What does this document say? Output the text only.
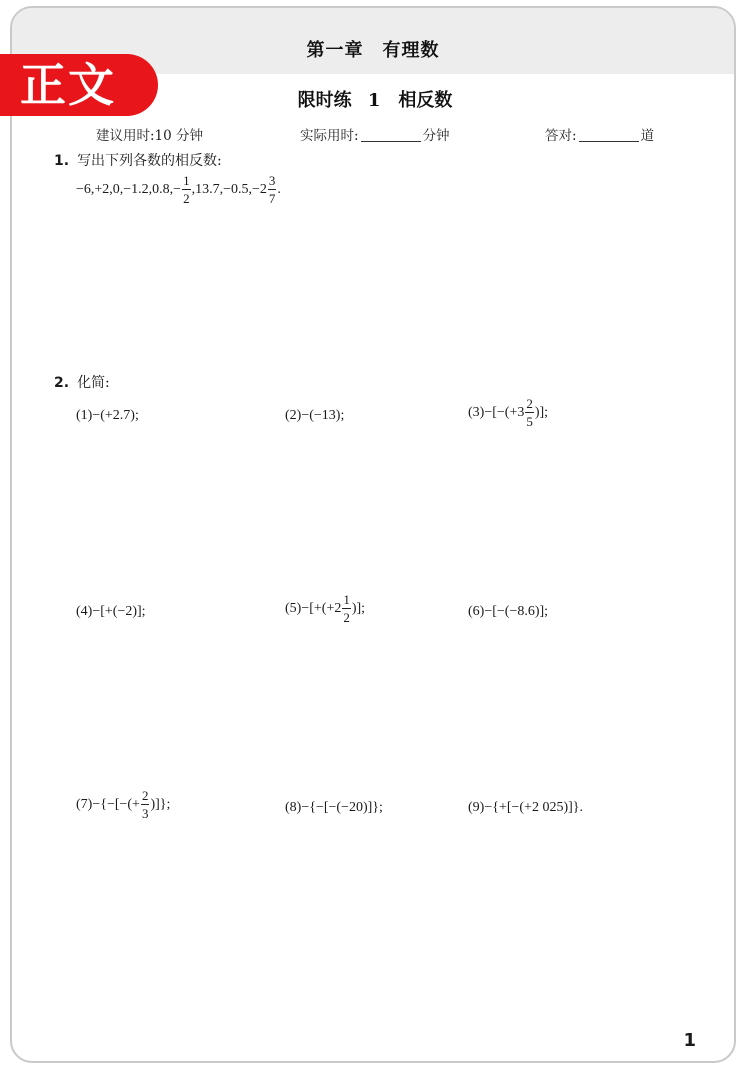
第一章　有理数
正文	限时练 1　相反数
建议用时:10 分钟	实际用时:	分钟	答对:	道
1. 写出下列各数的相反数:
$-6,+2,0,-1.2,0.8,- \frac{1}{2} ,13.7,-0.5,-2 \frac{3}{7}$ .
2. 化简:
(1)−(+2.7);	(2)−(−13);	$(3)-[-(+3 \frac{2}{5}$ )];
(4)−[+(−2)];	$(5)-[+(+2 \frac{1}{2}$ )];	(6)−[−(−8.6)];
$(7)-\{-[-(+ \frac{2}{3}$ )]};	(8)−{−[−(−20)]};	(9)−{+[−(+2 025)]}.
1
